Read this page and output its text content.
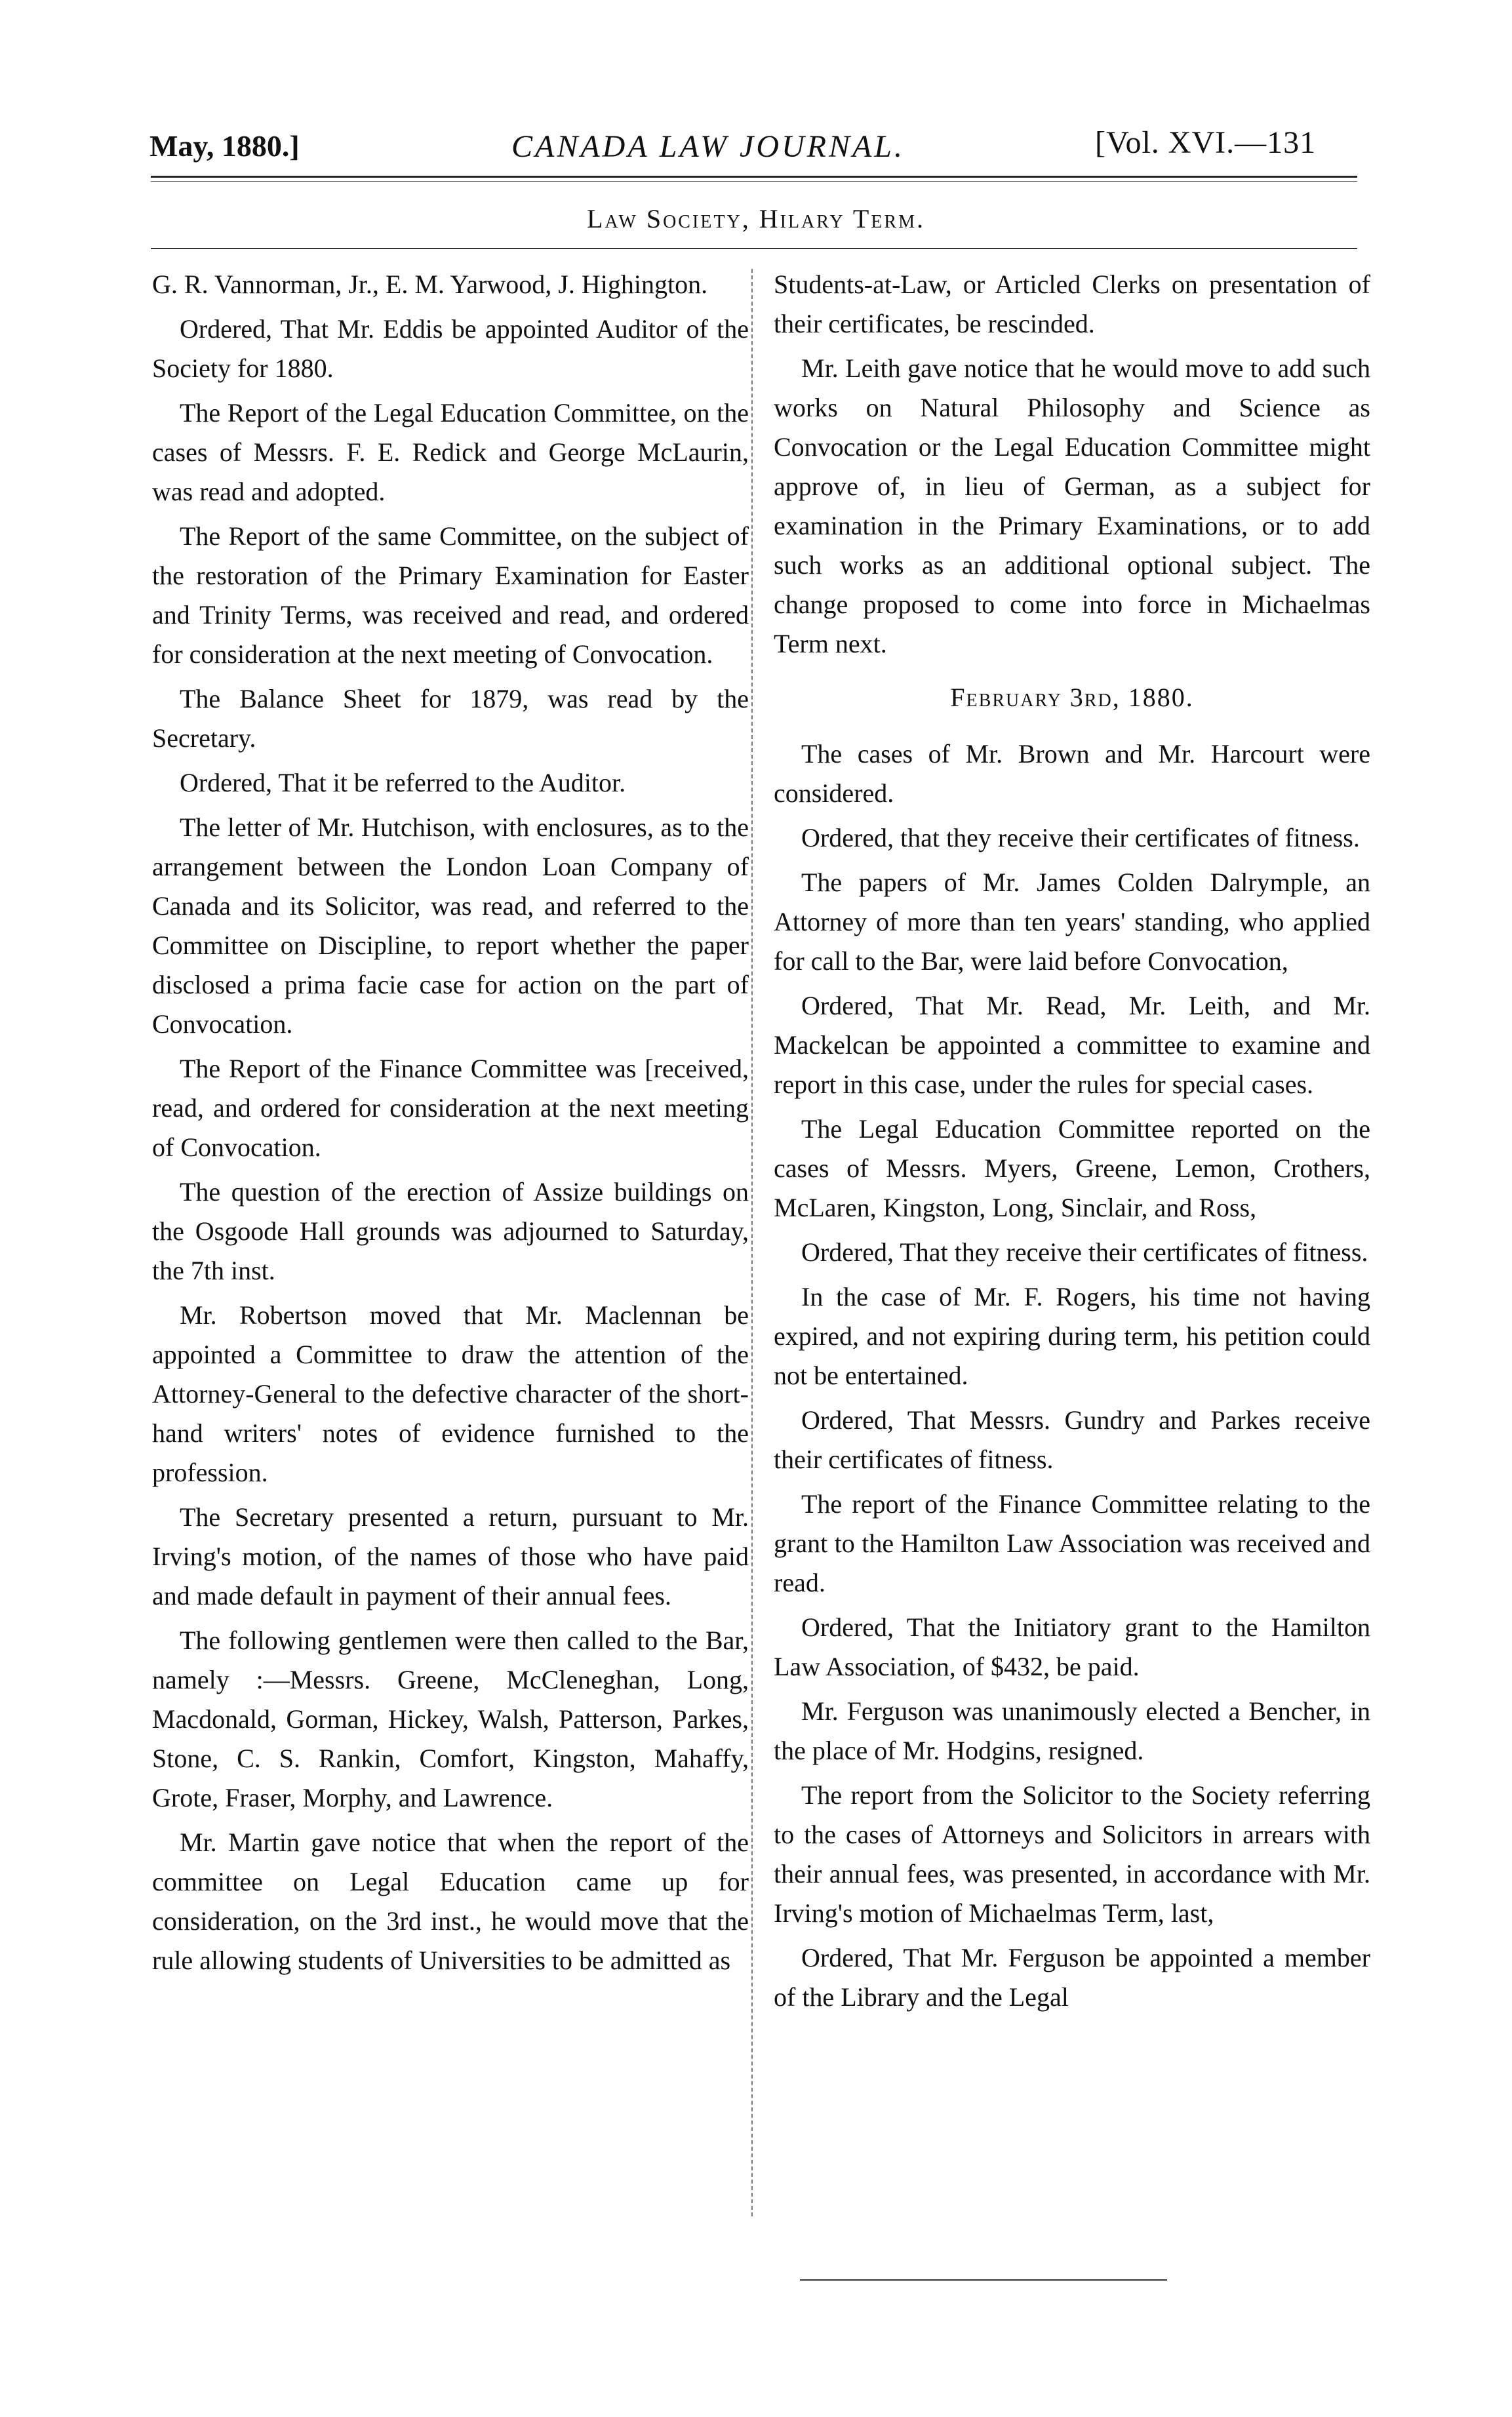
May, 1880.]	CANADA LAW JOURNAL.	[Vol. XVI.—131
Law Society, Hilary Term.

G. R. Vannorman, Jr., E. M. Yarwood, J. Highington.

Ordered, That Mr. Eddis be appointed Auditor of the Society for 1880.

The Report of the Legal Education Committee, on the cases of Messrs. F. E. Redick and George McLaurin, was read and adopted.

The Report of the same Committee, on the subject of the restoration of the Primary Examination for Easter and Trinity Terms, was received and read, and ordered for consideration at the next meeting of Convocation.

The Balance Sheet for 1879, was read by the Secretary.

Ordered, That it be referred to the Auditor.

The letter of Mr. Hutchison, with enclosures, as to the arrangement between the London Loan Company of Canada and its Solicitor, was read, and referred to the Committee on Discipline, to report whether the paper disclosed a prima facie case for action on the part of Convocation.

The Report of the Finance Committee was [received, read, and ordered for consideration at the next meeting of Convocation.

The question of the erection of Assize buildings on the Osgoode Hall grounds was adjourned to Saturday, the 7th inst.

Mr. Robertson moved that Mr. Maclennan be appointed a Committee to draw the attention of the Attorney-General to the defective character of the short-hand writers' notes of evidence furnished to the profession.

The Secretary presented a return, pursuant to Mr. Irving's motion, of the names of those who have paid and made default in payment of their annual fees.

The following gentlemen were then called to the Bar, namely :—Messrs. Greene, McCleneghan, Long, Macdonald, Gorman, Hickey, Walsh, Patterson, Parkes, Stone, C. S. Rankin, Comfort, Kingston, Mahaffy, Grote, Fraser, Morphy, and Lawrence.

Mr. Martin gave notice that when the report of the committee on Legal Education came up for consideration, on the 3rd inst., he would move that the rule allowing students of Universities to be admitted as

Students-at-Law, or Articled Clerks on presentation of their certificates, be rescinded.

Mr. Leith gave notice that he would move to add such works on Natural Philosophy and Science as Convocation or the Legal Education Committee might approve of, in lieu of German, as a subject for examination in the Primary Examinations, or to add such works as an additional optional subject. The change proposed to come into force in Michaelmas Term next.

February 3rd, 1880.

The cases of Mr. Brown and Mr. Harcourt were considered.

Ordered, that they receive their certificates of fitness.

The papers of Mr. James Colden Dalrymple, an Attorney of more than ten years' standing, who applied for call to the Bar, were laid before Convocation,

Ordered, That Mr. Read, Mr. Leith, and Mr. Mackelcan be appointed a committee to examine and report in this case, under the rules for special cases.

The Legal Education Committee reported on the cases of Messrs. Myers, Greene, Lemon, Crothers, McLaren, Kingston, Long, Sinclair, and Ross,

Ordered, That they receive their certificates of fitness.

In the case of Mr. F. Rogers, his time not having expired, and not expiring during term, his petition could not be entertained.

Ordered, That Messrs. Gundry and Parkes receive their certificates of fitness.

The report of the Finance Committee relating to the grant to the Hamilton Law Association was received and read.

Ordered, That the Initiatory grant to the Hamilton Law Association, of $432, be paid.

Mr. Ferguson was unanimously elected a Bencher, in the place of Mr. Hodgins, resigned.

The report from the Solicitor to the Society referring to the cases of Attorneys and Solicitors in arrears with their annual fees, was presented, in accordance with Mr. Irving's motion of Michaelmas Term, last,

Ordered, That Mr. Ferguson be appointed a member of the Library and the Legal
